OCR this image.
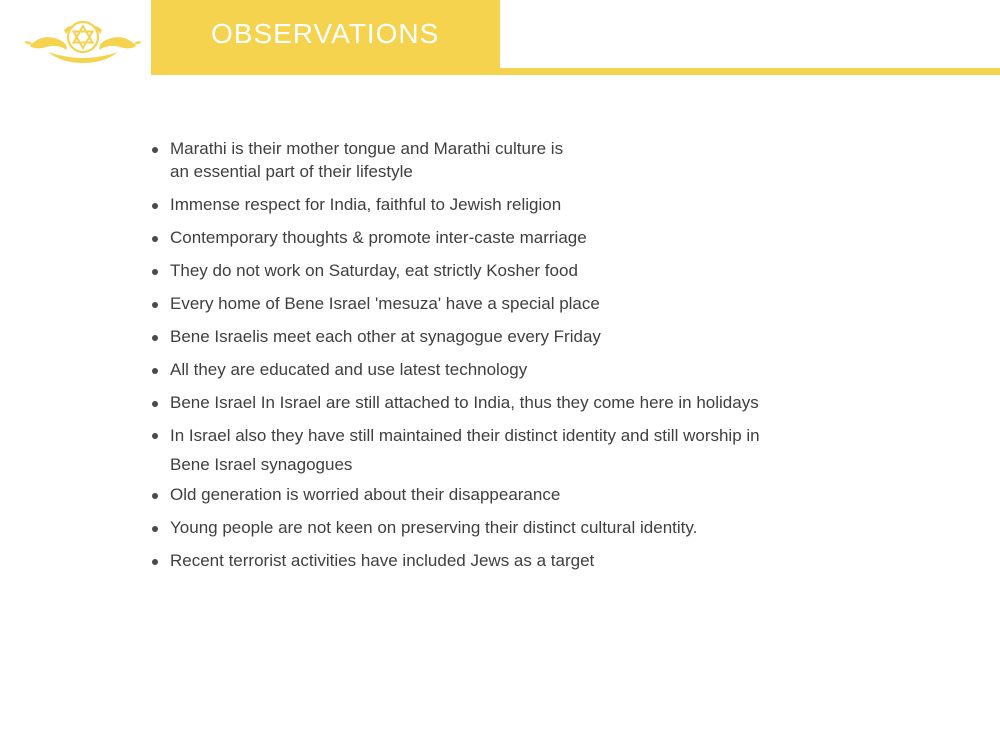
OBSERVATIONS
Marathi is their mother tongue and Marathi culture is
an essential part of their lifestyle
Immense respect for India, faithful to Jewish religion
Contemporary thoughts & promote inter-caste marriage
They do not work on Saturday, eat strictly Kosher food
Every home of Bene Israel 'mesuza' have a special place
Bene Israelis meet each other at synagogue every Friday
All they are educated and use latest technology
Bene Israel In Israel are still attached to India, thus they come here in holidays
In Israel also they have still maintained their distinct identity and still worship in
Bene Israel synagogues
Old generation is worried about their disappearance
Young people are not keen on preserving their distinct cultural identity.
Recent terrorist activities have included Jews as a target
